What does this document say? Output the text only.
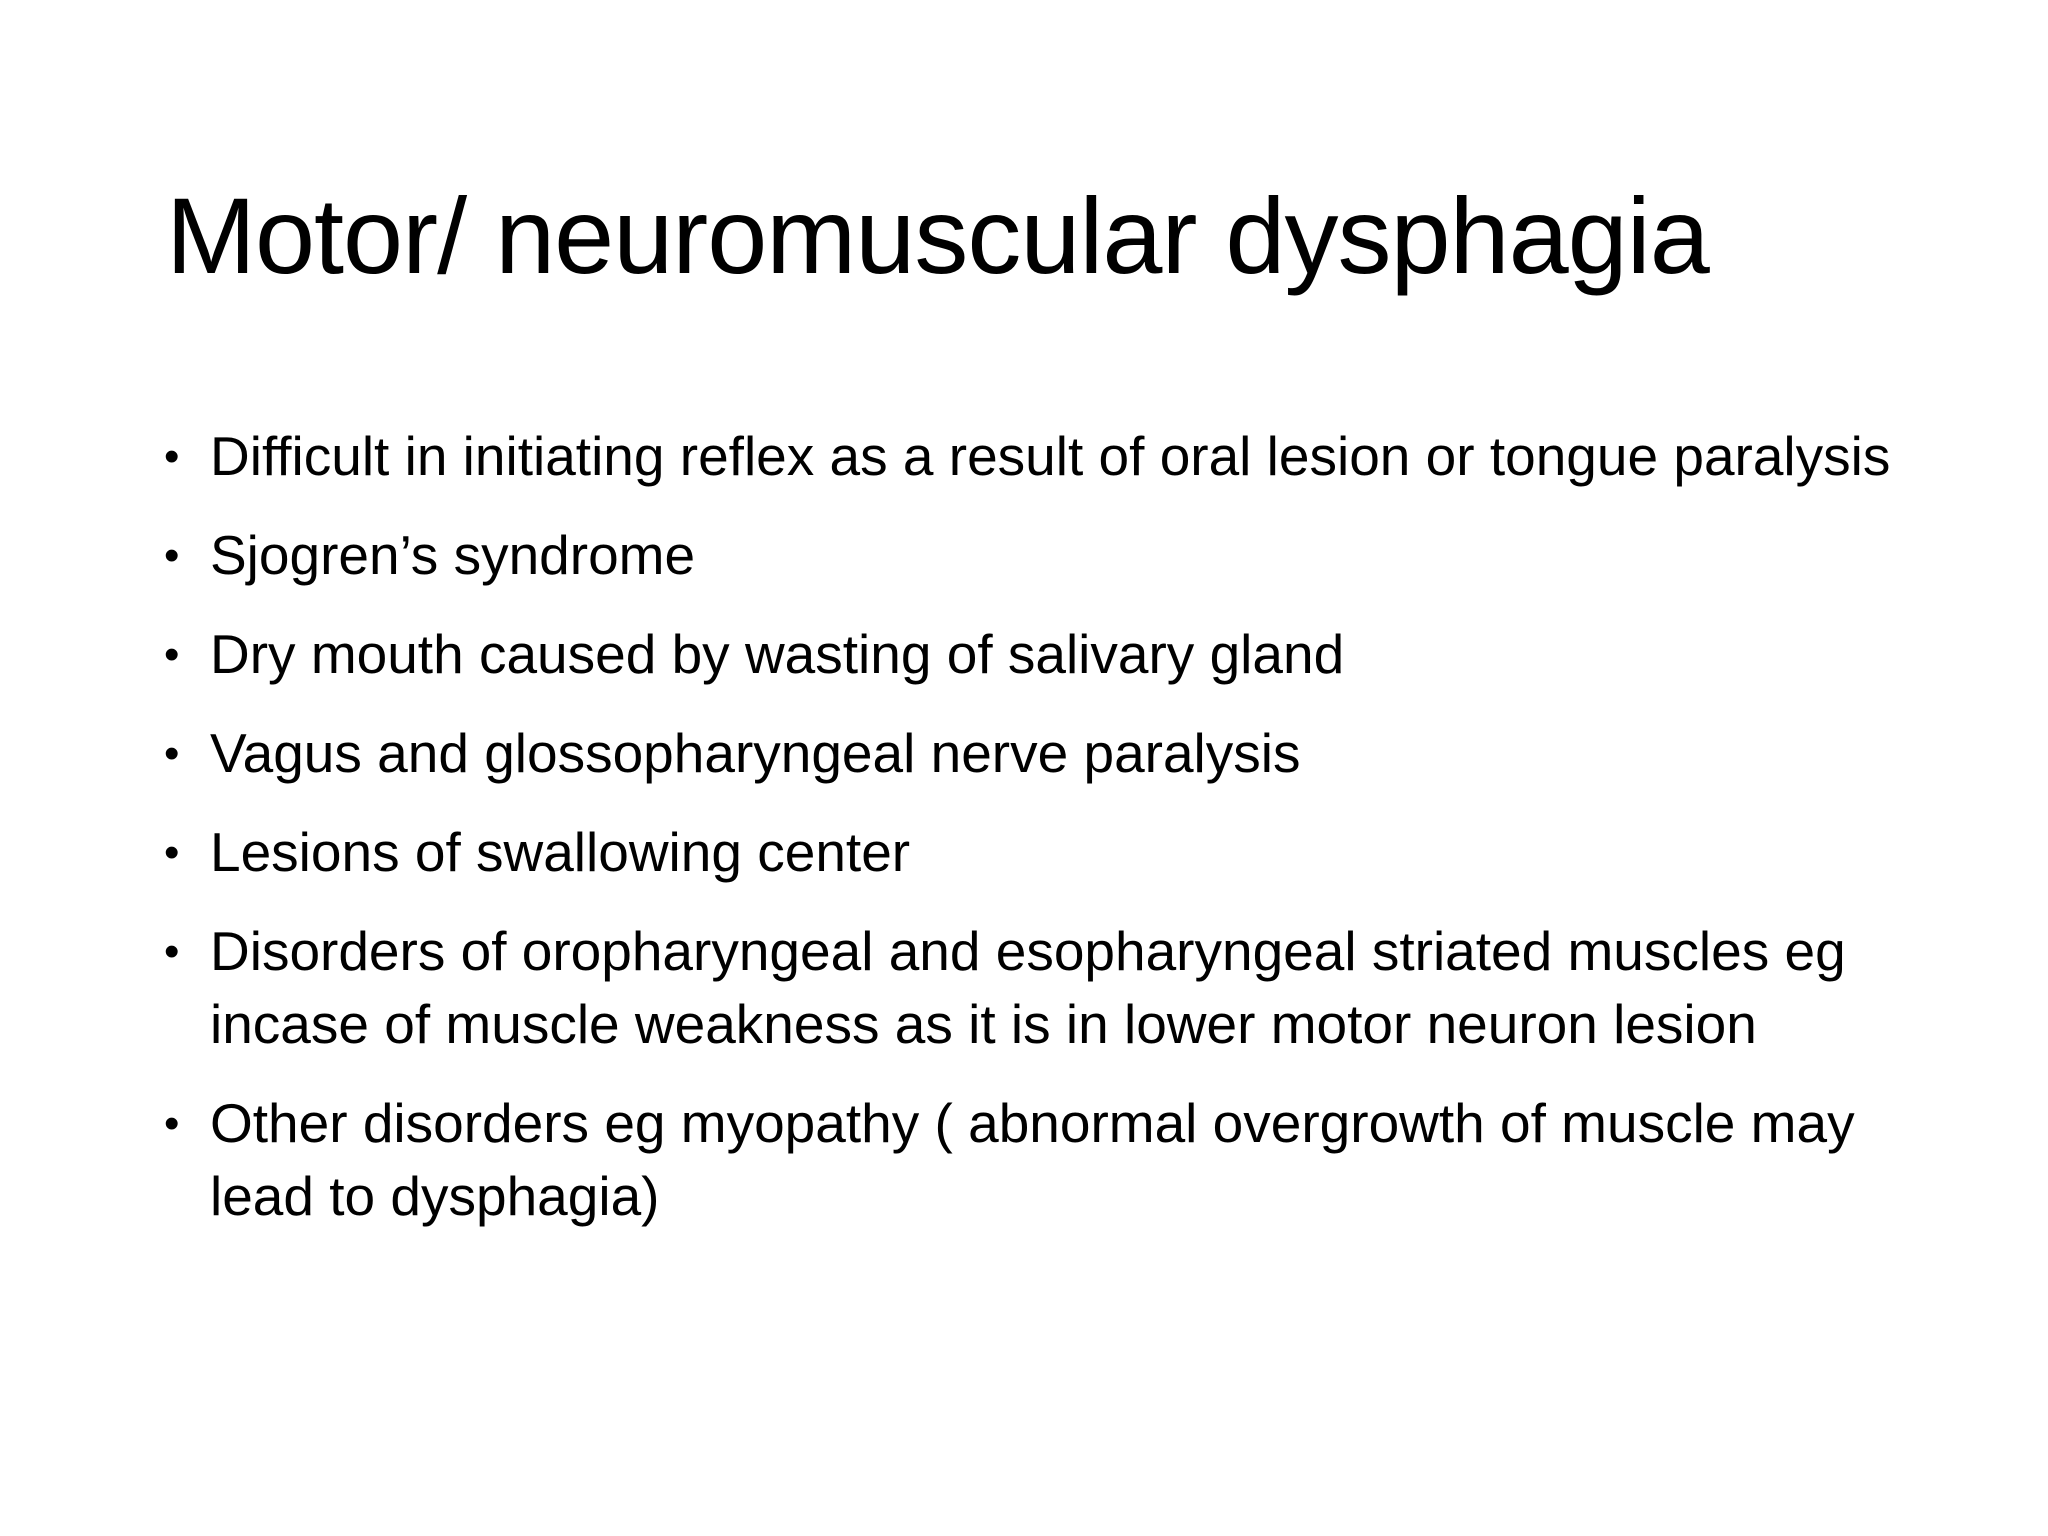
Motor/ neuromuscular dysphagia
• Difficult in initiating reflex as a result of oral lesion or tongue paralysis
• Sjogren’s syndrome
• Dry mouth caused by wasting of salivary gland
• Vagus and glossopharyngeal nerve paralysis
• Lesions of swallowing center
• Disorders of oropharyngeal and esopharyngeal striated muscles eg incase of muscle weakness as it is in lower motor neuron lesion
• Other disorders eg myopathy ( abnormal overgrowth of muscle may lead to dysphagia)
